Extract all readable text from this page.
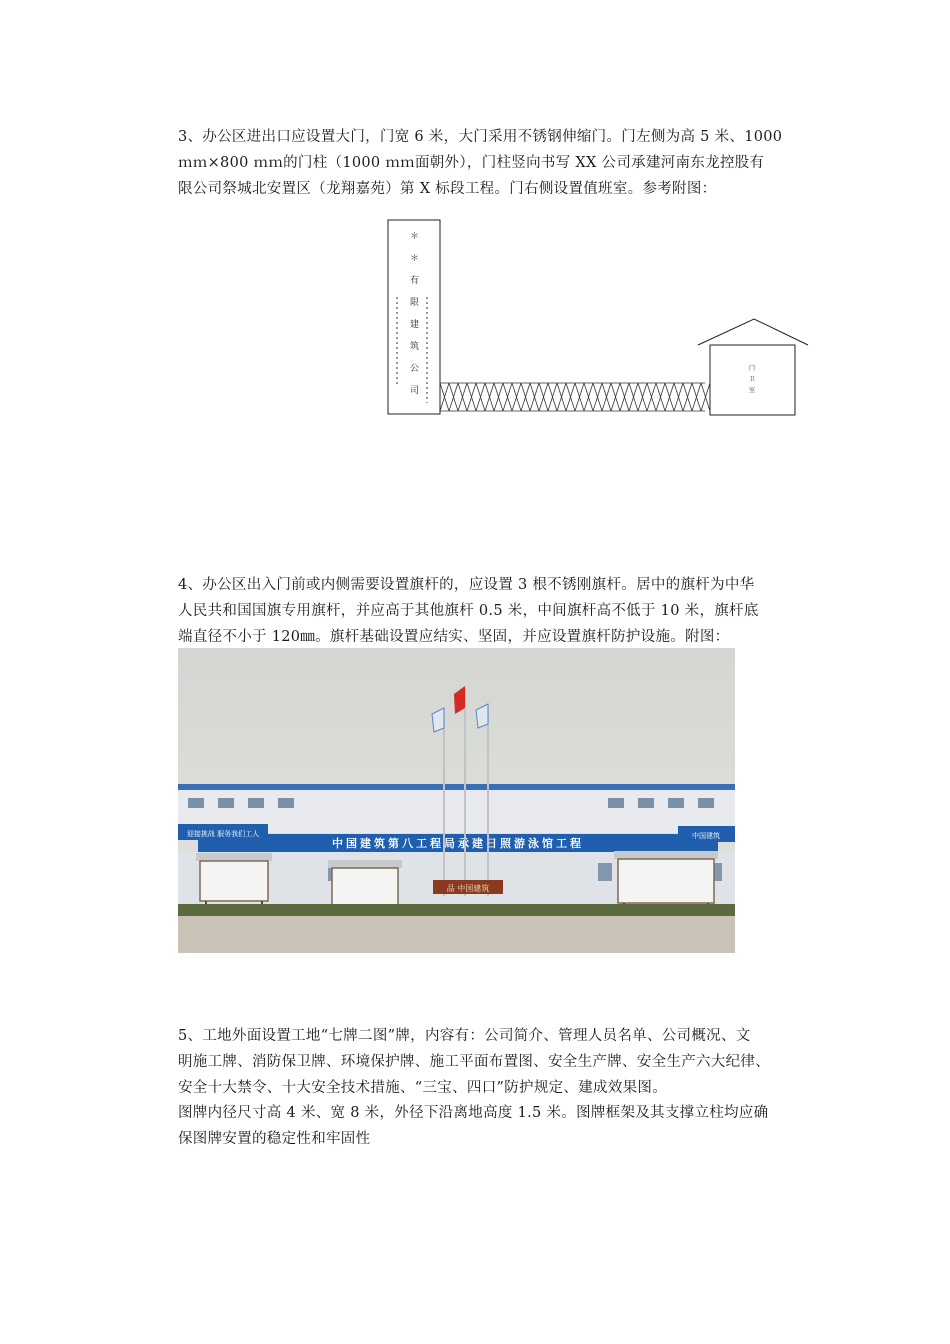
3、办公区进出口应设置大门，门宽 6 米，大门采用不锈钢伸缩门。门左侧为高 5 米、1000

ｍｍ×800 ｍｍ的门柱（1000 ｍｍ面朝外），门柱竖向书写 XX 公司承建河南东龙控股有

限公司祭城北安置区（龙翔嘉苑）第 X 标段工程。门右侧设置值班室。参考附图：

＊
＊
有
限
建
筑
公
司
门
卫
室

4、办公区出入门前或内侧需要设置旗杆的，应设置 3 根不锈刚旗杆。居中的旗杆为中华

人民共和国国旗专用旗杆，并应高于其他旗杆 0.5 米，中间旗杆高不低于 10 米，旗杆底

端直径不小于 120㎜。旗杆基础设置应结实、坚固，并应设置旗杆防护设施。附图：

中国建筑第八工程局承建日照游泳馆工程
迎接挑战 服务我们工人	中国建筑
品 中国建筑

5、工地外面设置工地“七牌二图”牌，内容有：公司简介、管理人员名单、公司概况、文

明施工牌、消防保卫牌、环境保护牌、施工平面布置图、安全生产牌、安全生产六大纪律、

安全十大禁令、十大安全技术措施、“三宝、四口”防护规定、建成效果图。

图牌内径尺寸高 4 米、宽 8 米，外径下沿离地高度 1.5 米。图牌框架及其支撑立柱均应确

保图牌安置的稳定性和牢固性
